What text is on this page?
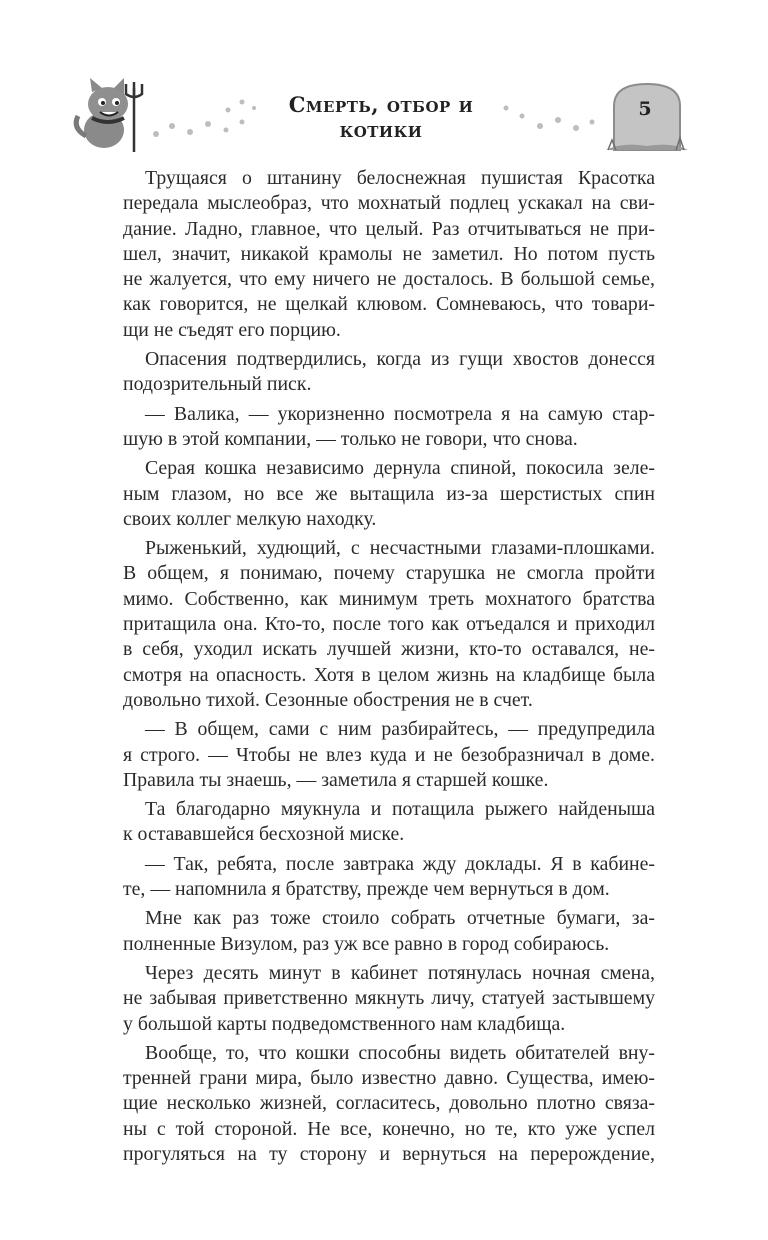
Смерть, отбор и котики
5

Трущаяся о штанину белоснежная пушистая Красотка

передала мыслеобраз, что мохнатый подлец ускакал на сви-

дание. Ладно, главное, что целый. Раз отчитываться не при-

шел, значит, никакой крамолы не заметил. Но потом пусть

не жалуется, что ему ничего не досталось. В большой семье,

как говорится, не щелкай клювом. Сомневаюсь, что товари-

щи не съедят его порцию.

Опасения подтвердились, когда из гущи хвостов донесся

подозрительный писк.

— Валика, — укоризненно посмотрела я на самую стар-

шую в этой компании, — только не говори, что снова.

Серая кошка независимо дернула спиной, покосила зеле-

ным глазом, но все же вытащила из-за шерстистых спин

своих коллег мелкую находку.

Рыженький, худющий, с несчастными глазами-плошками.

В общем, я понимаю, почему старушка не смогла пройти

мимо. Собственно, как минимум треть мохнатого братства

притащила она. Кто-то, после того как отъедался и приходил

в себя, уходил искать лучшей жизни, кто-то оставался, не-

смотря на опасность. Хотя в целом жизнь на кладбище была

довольно тихой. Сезонные обострения не в счет.

— В общем, сами с ним разбирайтесь, — предупредила

я строго. — Чтобы не влез куда и не безобразничал в доме.

Правила ты знаешь, — заметила я старшей кошке.

Та благодарно мяукнула и потащила рыжего найденыша

к остававшейся бесхозной миске.

— Так, ребята, после завтрака жду доклады. Я в кабине-

те, — напомнила я братству, прежде чем вернуться в дом.

Мне как раз тоже стоило собрать отчетные бумаги, за-

полненные Визулом, раз уж все равно в город собираюсь.

Через десять минут в кабинет потянулась ночная смена,

не забывая приветственно мякнуть личу, статуей застывшему

у большой карты подведомственного нам кладбища.

Вообще, то, что кошки способны видеть обитателей вну-

тренней грани мира, было известно давно. Существа, имею-

щие несколько жизней, согласитесь, довольно плотно связа-

ны с той стороной. Не все, конечно, но те, кто уже успел

прогуляться на ту сторону и вернуться на перерождение,
